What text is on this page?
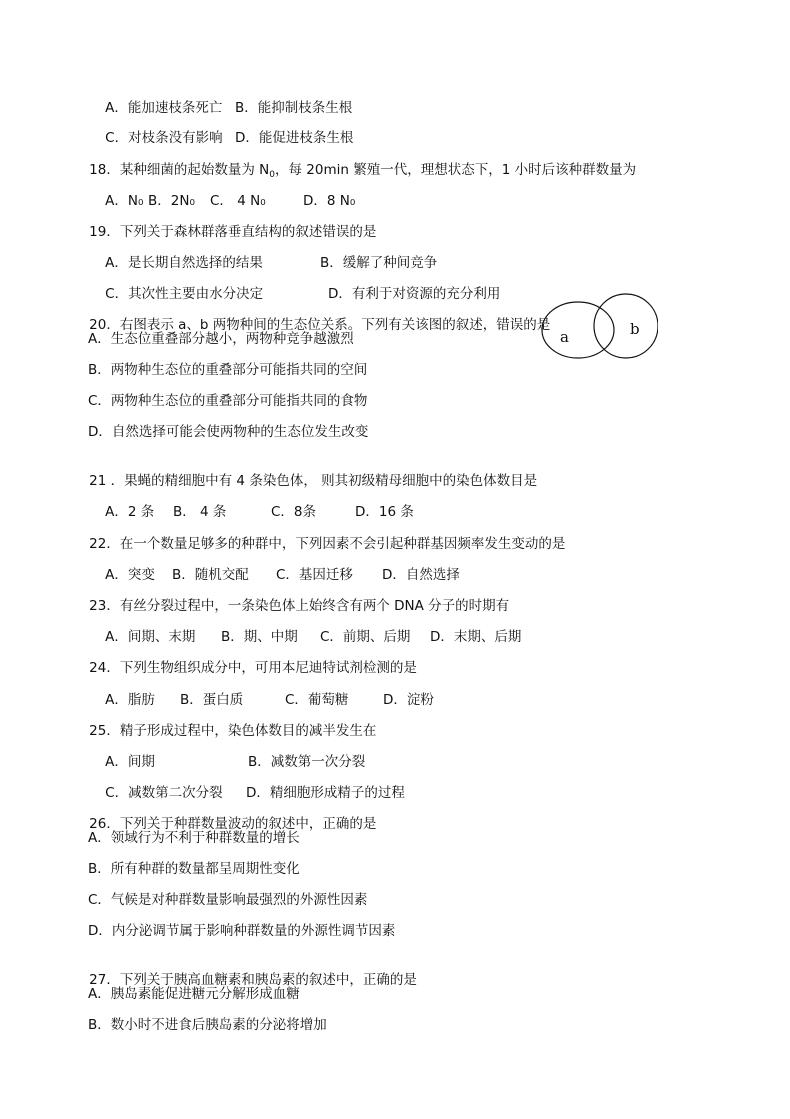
A．能加速枝条死亡 B．能抑制枝条生根

C．对枝条没有影响 D．能促进枝条生根

18．某种细菌的起始数量为 $N_0$，每 20min 繁殖一代，理想状态下，1 小时后该种群数量为

A．N₀ B．2N₀ C． 4 N₀	D．8 N₀

19．下列关于森林群落垂直结构的叙述错误的是

A．是长期自然选择的结果	B．缓解了种间竞争

C．其次性主要由水分决定	D．有利于对资源的充分利用

20．右图表示 a、b 两物种间的生态位关系。下列有关该图的叙述，错误的是

A．生态位重叠部分越小，两物种竞争越激烈
B．两物种生态位的重叠部分可能指共同的空间
C．两物种生态位的重叠部分可能指共同的食物
D．自然选择可能会使两物种的生态位发生改变
a	b

21 ．果蝇的精细胞中有 4 条染色体， 则其初级精母细胞中的染色体数目是

A．2 条 B． 4 条	C．8条	D．16 条

22．在一个数量足够多的种群中，下列因素不会引起种群基因频率发生变动的是

A．突变 B．随机交配 C．基因迁移 D．自然选择

23．有丝分裂过程中，一条染色体上始终含有两个 DNA 分子的时期有

A．间期、末期 B．期、中期 C．前期、后期 D．末期、后期

24．下列生物组织成分中，可用本尼迪特试剂检测的是

A．脂肪 B．蛋白质	C．葡萄糖	D．淀粉

25．精子形成过程中，染色体数目的减半发生在

A．间期	B．减数第一次分裂

C．减数第二次分裂 D．精细胞形成精子的过程

26．下列关于种群数量波动的叙述中，正确的是

A．领域行为不利于种群数量的增长
B．所有种群的数量都呈周期性变化
C．气候是对种群数量影响最强烈的外源性因素
D．内分泌调节属于影响种群数量的外源性调节因素

27．下列关于胰高血糖素和胰岛素的叙述中，正确的是

A．胰岛素能促进糖元分解形成血糖
B．数小时不进食后胰岛素的分泌将增加
